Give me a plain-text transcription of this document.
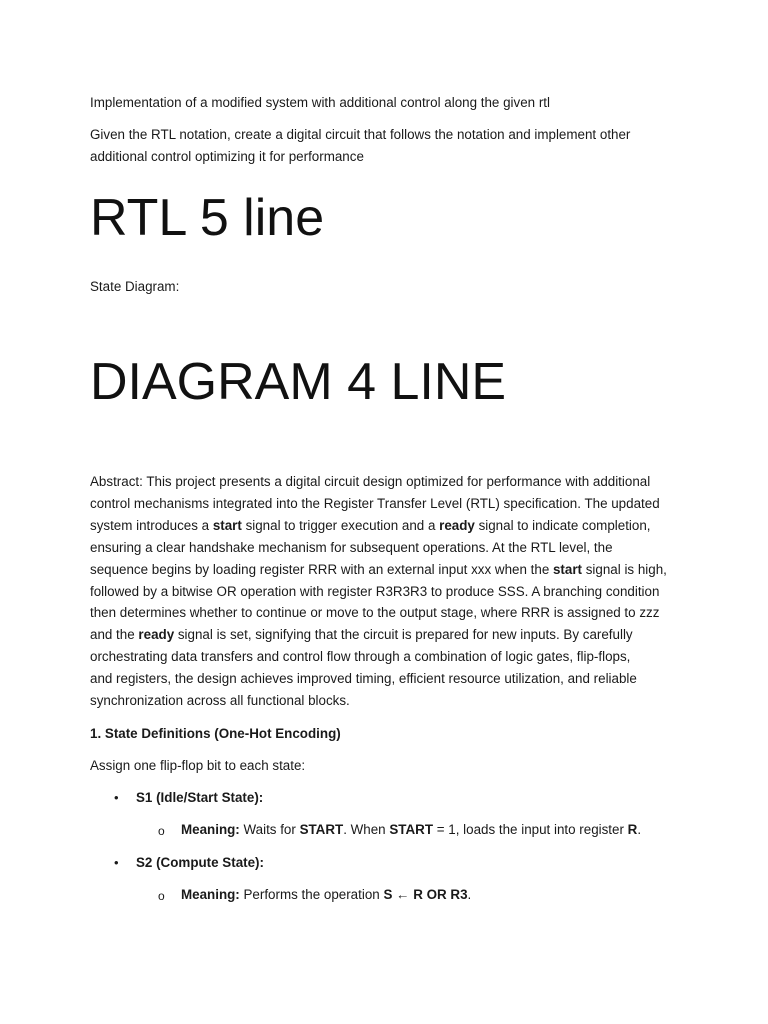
Implementation of a modified system with additional control along the given rtl

Given the RTL notation, create a digital circuit that follows the notation and implement other

additional control optimizing it for performance

RTL 5 line

State Diagram:

DIAGRAM 4 LINE

Abstract: This project presents a digital circuit design optimized for performance with additional

control mechanisms integrated into the Register Transfer Level (RTL) specification. The updated

system introduces a start signal to trigger execution and a ready signal to indicate completion,

ensuring a clear handshake mechanism for subsequent operations. At the RTL level, the

sequence begins by loading register RRR with an external input xxx when the start signal is high,

followed by a bitwise OR operation with register R3R3R3 to produce SSS. A branching condition

then determines whether to continue or move to the output stage, where RRR is assigned to zzz

and the ready signal is set, signifying that the circuit is prepared for new inputs. By carefully

orchestrating data transfers and control flow through a combination of logic gates, flip-flops,

and registers, the design achieves improved timing, efficient resource utilization, and reliable

synchronization across all functional blocks.

1. State Definitions (One-Hot Encoding)

Assign one flip-flop bit to each state:

• S1 (Idle/Start State):

o Meaning: Waits for START. When START = 1, loads the input into register R.

• S2 (Compute State):

o Meaning: Performs the operation S ← R OR R3.
